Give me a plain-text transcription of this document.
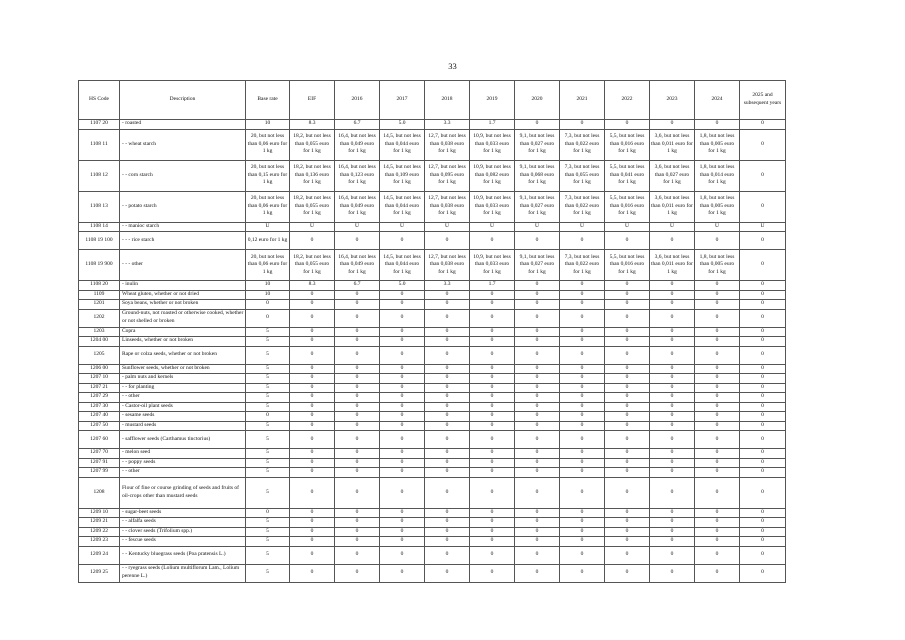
33
HS Code	Description	Base rate	EIF	2016	2017	2018	2019	2020	2021	2022	2023	2024	2025 and subsequent years
1107 20	- roasted	10	8.3	6.7	5.0	3.3	1.7	0	0	0	0	0	0
1108 11	- - wheat starch	20, but not less than 0,06 euro for 1 kg	18,2, but not less than 0,055 euro for 1 kg	16,4, but not less than 0,049 euro for 1 kg	14,5, but not less than 0,044 euro for 1 kg	12,7, but not less than 0,038 euro for 1 kg	10,9, but not less than 0,033 euro for 1 kg	9,1, but not less than 0,027 euro for 1 kg	7,3, but not less than 0,022 euro for 1 kg	5,5, but not less than 0,016 euro for 1 kg	3,6, but not less than 0,011 euro for 1 kg	1,8, but not less than 0,005 euro for 1 kg	0
1108 12	- - corn starch	20, but not less than 0,15 euro for 1 kg	18,2, but not less than 0,136 euro for 1 kg	16,4, but not less than 0,123 euro for 1 kg	14,5, but not less than 0,109 euro for 1 kg	12,7, but not less than 0,095 euro for 1 kg	10,9, but not less than 0,082 euro for 1 kg	9,1, but not less than 0,068 euro for 1 kg	7,3, but not less than 0,055 euro for 1 kg	5,5, but not less than 0,041 euro for 1 kg	3,6, but not less than 0,027 euro for 1 kg	1,8, but not less than 0,014 euro for 1 kg	0
1108 13	- - potato starch	20, but not less than 0,06 euro for 1 kg	18,2, but not less than 0,055 euro for 1 kg	16,4, but not less than 0,049 euro for 1 kg	14,5, but not less than 0,044 euro for 1 kg	12,7, but not less than 0,038 euro for 1 kg	10,9, but not less than 0,033 euro for 1 kg	9,1, but not less than 0,027 euro for 1 kg	7,3, but not less than 0,022 euro for 1 kg	5,5, but not less than 0,016 euro for 1 kg	3,6, but not less than 0,011 euro for 1 kg	1,8, but not less than 0,005 euro for 1 kg	0
1108 14	- - manioc starch	U	U	U	U	U	U	U	U	U	U	U	U
1108 19 100	- - - rice starch	0,12 euro for 1 kg	0	0	0	0	0	0	0	0	0	0	0
1108 19 900	- - - other	20, but not less than 0,06 euro for 1 kg	18,2, but not less than 0,055 euro for 1 kg	16,4, but not less than 0,049 euro for 1 kg	14,5, but not less than 0,044 euro for 1 kg	12,7, but not less than 0,038 euro for 1 kg	10,9, but not less than 0,033 euro for 1 kg	9,1, but not less than 0,027 euro for 1 kg	7,3, but not less than 0,022 euro for 1 kg	5,5, but not less than 0,016 euro for 1 kg	3,6, but not less than 0,011 euro for 1 kg	1,8, but not less than 0,005 euro for 1 kg	0
1108 20	- inulin	10	8.3	6.7	5.0	3.3	1.7	0	0	0	0	0	0
1109	Wheat gluten, whether or not dried	10	0	0	0	0	0	0	0	0	0	0	0
1201	Soya beans, whether or not broken	0	0	0	0	0	0	0	0	0	0	0	0
1202	Ground-nuts, not roasted or otherwise cooked, whether or not shelled or broken	0	0	0	0	0	0	0	0	0	0	0	0
1203	Copra	5	0	0	0	0	0	0	0	0	0	0	0
1204 00	Linseeds, whether or not broken	5	0	0	0	0	0	0	0	0	0	0	0
1205	Rape or colza seeds, whether or not broken	5	0	0	0	0	0	0	0	0	0	0	0
1206 00	Sunflower seeds, whether or not broken	5	0	0	0	0	0	0	0	0	0	0	0
1207 10	- palm nuts and kernels	5	0	0	0	0	0	0	0	0	0	0	0
1207 21	- - for planting	5	0	0	0	0	0	0	0	0	0	0	0
1207 29	- - other	5	0	0	0	0	0	0	0	0	0	0	0
1207 30	- Castor-oil plant seeds	5	0	0	0	0	0	0	0	0	0	0	0
1207 40	- sesame seeds	0	0	0	0	0	0	0	0	0	0	0	0
1207 50	- mustard seeds	5	0	0	0	0	0	0	0	0	0	0	0
1207 60	- safflower seeds (Carthamus tinctorius)	5	0	0	0	0	0	0	0	0	0	0	0
1207 70	- melon seed	5	0	0	0	0	0	0	0	0	0	0	0
1207 91	- - poppy seeds	5	0	0	0	0	0	0	0	0	0	0	0
1207 99	- - other	5	0	0	0	0	0	0	0	0	0	0	0
1208	Flour of fine or course grinding of seeds and fruits of oil-crops other than mustard seeds	5	0	0	0	0	0	0	0	0	0	0	0
1209 10	- sugar-beet seeds	0	0	0	0	0	0	0	0	0	0	0	0
1209 21	- - alfalfa seeds	5	0	0	0	0	0	0	0	0	0	0	0
1209 22	- - clover seeds (Trifolium spp.)	5	0	0	0	0	0	0	0	0	0	0	0
1209 23	- - fescue seeds	5	0	0	0	0	0	0	0	0	0	0	0
1209 24	- - Kentucky bluegrass seeds (Poa pratensis L.)	5	0	0	0	0	0	0	0	0	0	0	0
1209 25	- - ryegrass seeds (Lolium multiflorum Lam., Lolium perenne L.)	5	0	0	0	0	0	0	0	0	0	0	0
